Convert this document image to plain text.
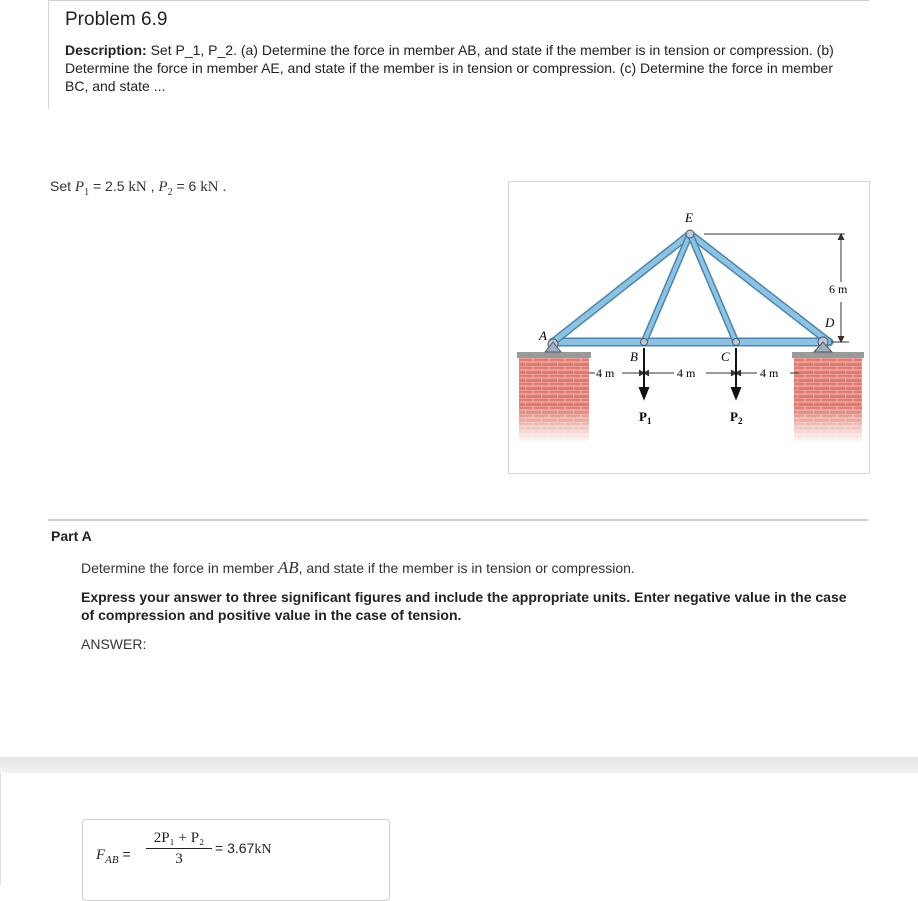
Problem 6.9
Description: Set P_1, P_2. (a) Determine the force in member AB, and state if the member is in tension or compression. (b) Determine the force in member AE, and state if the member is in tension or compression. (c) Determine the force in member BC, and state ...
Set $P_1 = 2.5$ kN , $P_2 = 6$ kN .
E
A
B	C
D
6 m
4 m	4 m	4 m
$P_1$	$P_2$
Part A
Determine the force in member AB, and state if the member is in tension or compression.
Express your answer to three significant figures and include the appropriate units. Enter negative value in the case of compression and positive value in the case of tension.
ANSWER:
$F_{AB} = \frac{\text{2P₁ + P₂}}{3} = 3.67kN$
